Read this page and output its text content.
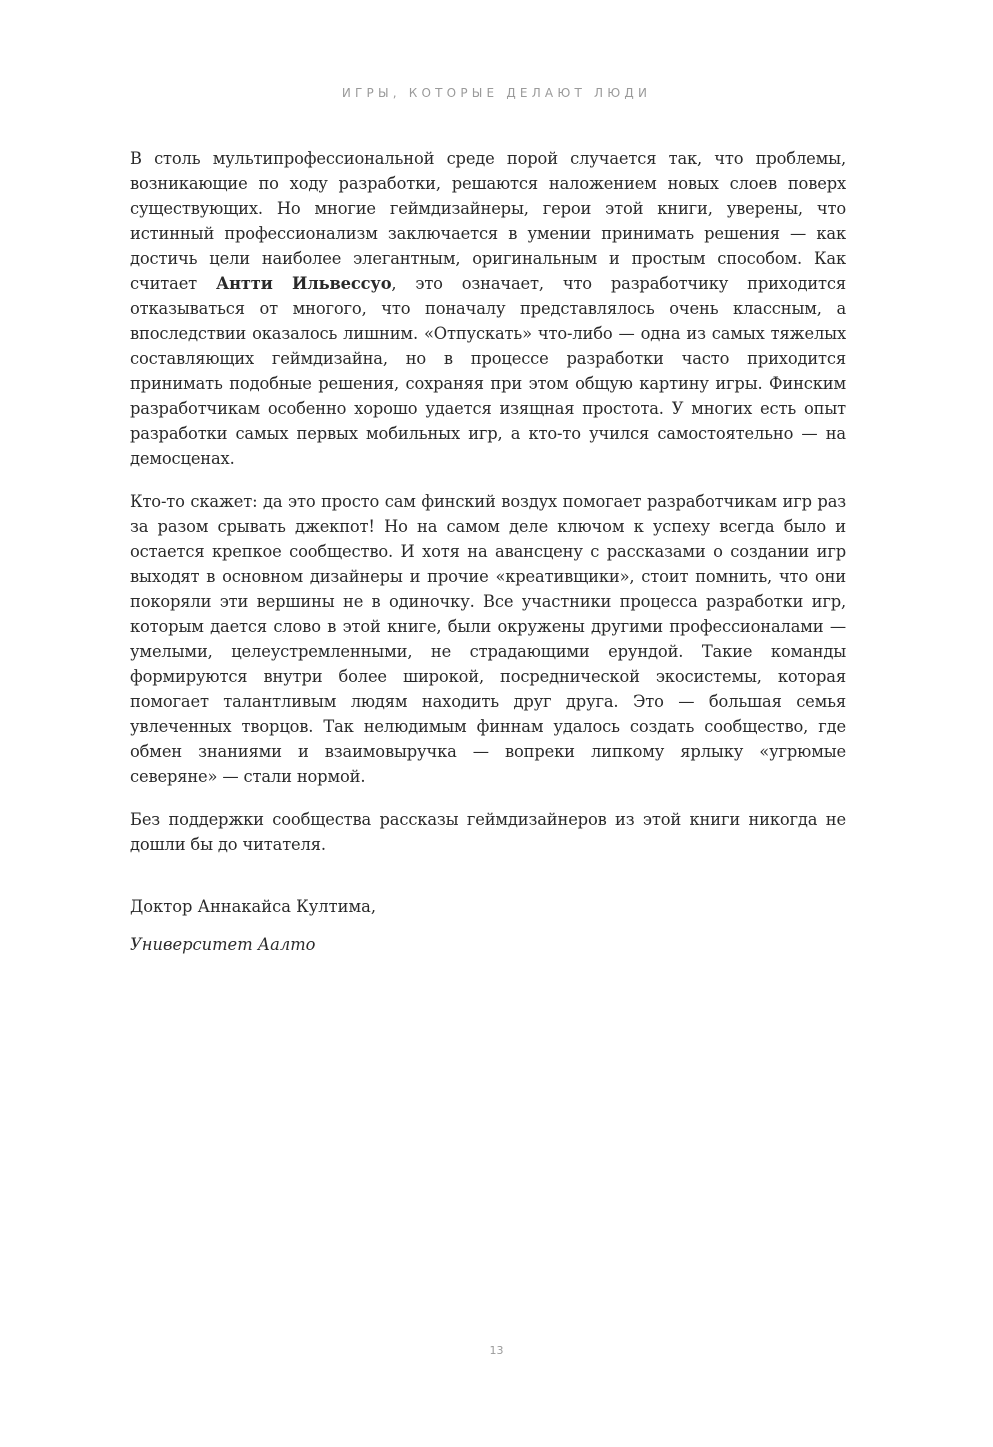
ИГРЫ, КОТОРЫЕ ДЕЛАЮТ ЛЮДИ

В столь мультипрофессиональной среде порой случается так, что проблемы, возникающие по ходу разработки, решаются наложением новых слоев поверх существующих. Но многие геймдизайнеры, герои этой книги, уверены, что истинный профессионализм заключается в умении принимать решения — как достичь цели наиболее элегантным, оригинальным и простым способом. Как считает Антти Ильвессуо, это означает, что разработчику приходится отказываться от многого, что поначалу представлялось очень классным, а впоследствии оказалось лишним. «Отпускать» что-либо — одна из самых тяжелых составляющих геймдизайна, но в процессе разработки часто приходится принимать подобные решения, сохраняя при этом общую картину игры. Финским разработчикам особенно хорошо удается изящная простота. У многих есть опыт разработки самых первых мобильных игр, а кто-то учился самостоятельно — на демосценах.

Кто-то скажет: да это просто сам финский воздух помогает разработчикам игр раз за разом срывать джекпот! Но на самом деле ключом к успеху всегда было и остается крепкое сообщество. И хотя на авансцену с рассказами о создании игр выходят в основном дизайнеры и прочие «креативщики», стоит помнить, что они покоряли эти вершины не в одиночку. Все участники процесса разработки игр, которым дается слово в этой книге, были окружены другими профессионалами — умелыми, целеустремленными, не страдающими ерундой. Такие команды формируются внутри более широкой, посреднической экосистемы, которая помогает талантливым людям находить друг друга. Это — большая семья увлеченных творцов. Так нелюдимым финнам удалось создать сообщество, где обмен знаниями и взаимовыручка — вопреки липкому ярлыку «угрюмые северяне» — стали нормой.

Без поддержки сообщества рассказы геймдизайнеров из этой книги никогда не дошли бы до читателя.

Доктор Аннакайса Култима,
Университет Аалто
13
